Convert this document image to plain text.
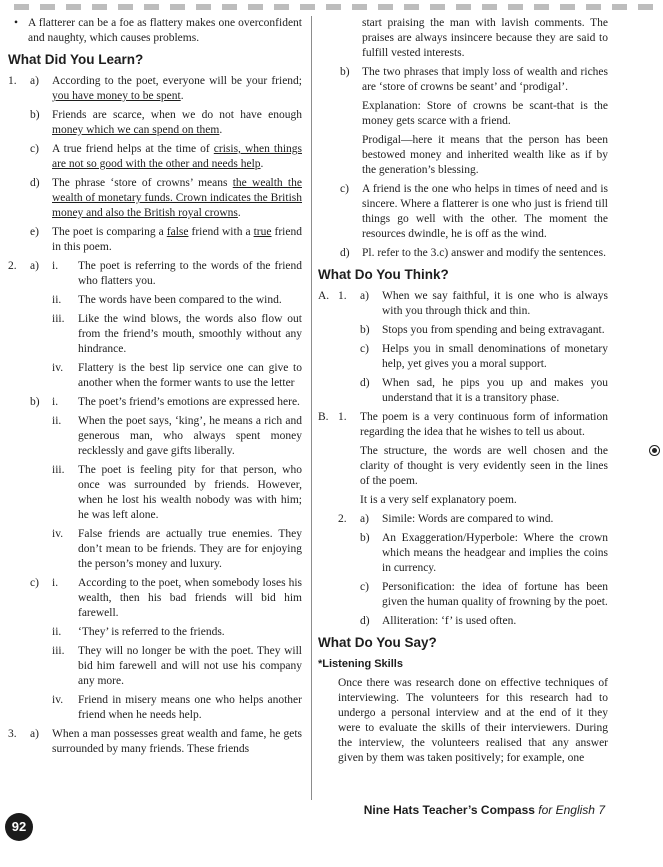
• A flatterer can be a foe as flattery makes one overconfident and naughty, which causes problems.
What Did You Learn?
1. a) According to the poet, everyone will be your friend; you have money to be spent.
b) Friends are scarce, when we do not have enough money which we can spend on them.
c) A true friend helps at the time of crisis, when things are not so good with the other and needs help.
d) The phrase ‘store of crowns’ means the wealth the wealth of monetary funds. Crown indicates the British money and also the British royal crowns.
e) The poet is comparing a false friend with a true friend in this poem.
2. a) i. The poet is referring to the words of the friend who flatters you.
ii. The words have been compared to the wind.
iii. Like the wind blows, the words also flow out from the friend’s mouth, smoothly without any hindrance.
iv. Flattery is the best lip service one can give to another when the former wants to use the letter
b) i. The poet’s friend’s emotions are expressed here.
ii. When the poet says, ‘king’, he means a rich and generous man, who always spent money recklessly and gave gifts liberally.
iii. The poet is feeling pity for that person, who once was surrounded by friends. However, when he lost his wealth nobody was with him; he was left alone.
iv. False friends are actually true enemies. They don’t mean to be friends. They are for enjoying the person’s money and luxury.
c) i. According to the poet, when somebody loses his wealth, then his bad friends will bid him farewell.
ii. ‘They’ is referred to the friends.
iii. They will no longer be with the poet. They will bid him farewell and will not use his company any more.
iv. Friend in misery means one who helps another friend when he needs help.
3. a) When a man possesses great wealth and fame, he gets surrounded by many friends. These friends
start praising the man with lavish comments. The praises are always insincere because they are said to fulfill vested interests.
b) The two phrases that imply loss of wealth and riches are ‘store of crowns be seant’ and ‘prodigal’.
Explanation: Store of crowns be scant-that is the money gets scarce with a friend.
Prodigal—here it means that the person has been bestowed money and inherited wealth like as if by the generation’s blessing.
c) A friend is the one who helps in times of need and is sincere. Where a flatterer is one who just is friend till things go well with the other. The moment the resources dwindle, he is off as the wind.
d) Pl. refer to the 3.c) answer and modify the sentences.
What Do You Think?
A. 1. a) When we say faithful, it is one who is always with you through thick and thin.
b) Stops you from spending and being extravagant.
c) Helps you in small denominations of monetary help, yet gives you a moral support.
d) When sad, he pips you up and makes you understand that it is a transitory phase.
B. 1. The poem is a very continuous form of information regarding the idea that he wishes to tell us about.
The structure, the words are well chosen and the clarity of thought is very evidently seen in the lines of the poem.
It is a very self explanatory poem.
2. a) Simile: Words are compared to wind.
b) An Exaggeration/Hyperbole: Where the crown which means the headgear and implies the coins in currency.
c) Personification: the idea of fortune has been given the human quality of frowning by the poet.
d) Alliteration: ‘f’ is used often.
What Do You Say?
*Listening Skills
Once there was research done on effective techniques of interviewing. The volunteers for this research had to undergo a personal interview and at the end of it they were to evaluate the skills of their interviewers. During the interview, the volunteers realised that any answer given by them was taken positively; for example, one
92
Nine Hats Teacher’s Compass for English 7
